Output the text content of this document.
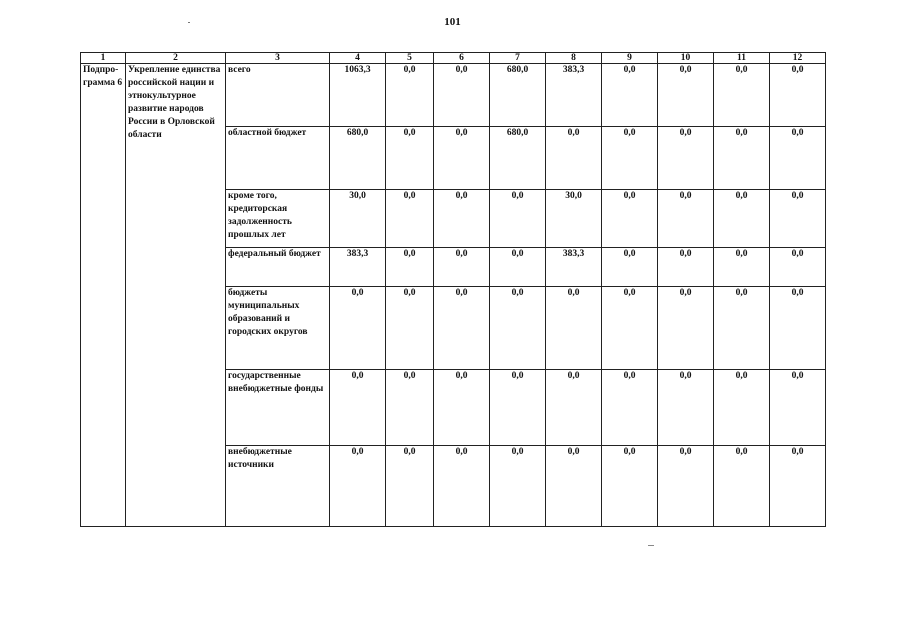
101
1	2	3	4	5	6	7	8	9	10	11	12
Подпро-грамма 6	Укрепление единства российской нации и этнокультурное развитие народов России в Орловской области	всего	1063,3	0,0	0,0	680,0	383,3	0,0	0,0	0,0	0,0
		областной бюджет	680,0	0,0	0,0	680,0	0,0	0,0	0,0	0,0	0,0
		кроме того, кредиторская задолженность прошлых лет	30,0	0,0	0,0	0,0	30,0	0,0	0,0	0,0	0,0
		федеральный бюджет	383,3	0,0	0,0	0,0	383,3	0,0	0,0	0,0	0,0
		бюджеты муниципальных образований и городских округов	0,0	0,0	0,0	0,0	0,0	0,0	0,0	0,0	0,0
		государственные внебюджетные фонды	0,0	0,0	0,0	0,0	0,0	0,0	0,0	0,0	0,0
		внебюджетные источники	0,0	0,0	0,0	0,0	0,0	0,0	0,0	0,0	0,0
